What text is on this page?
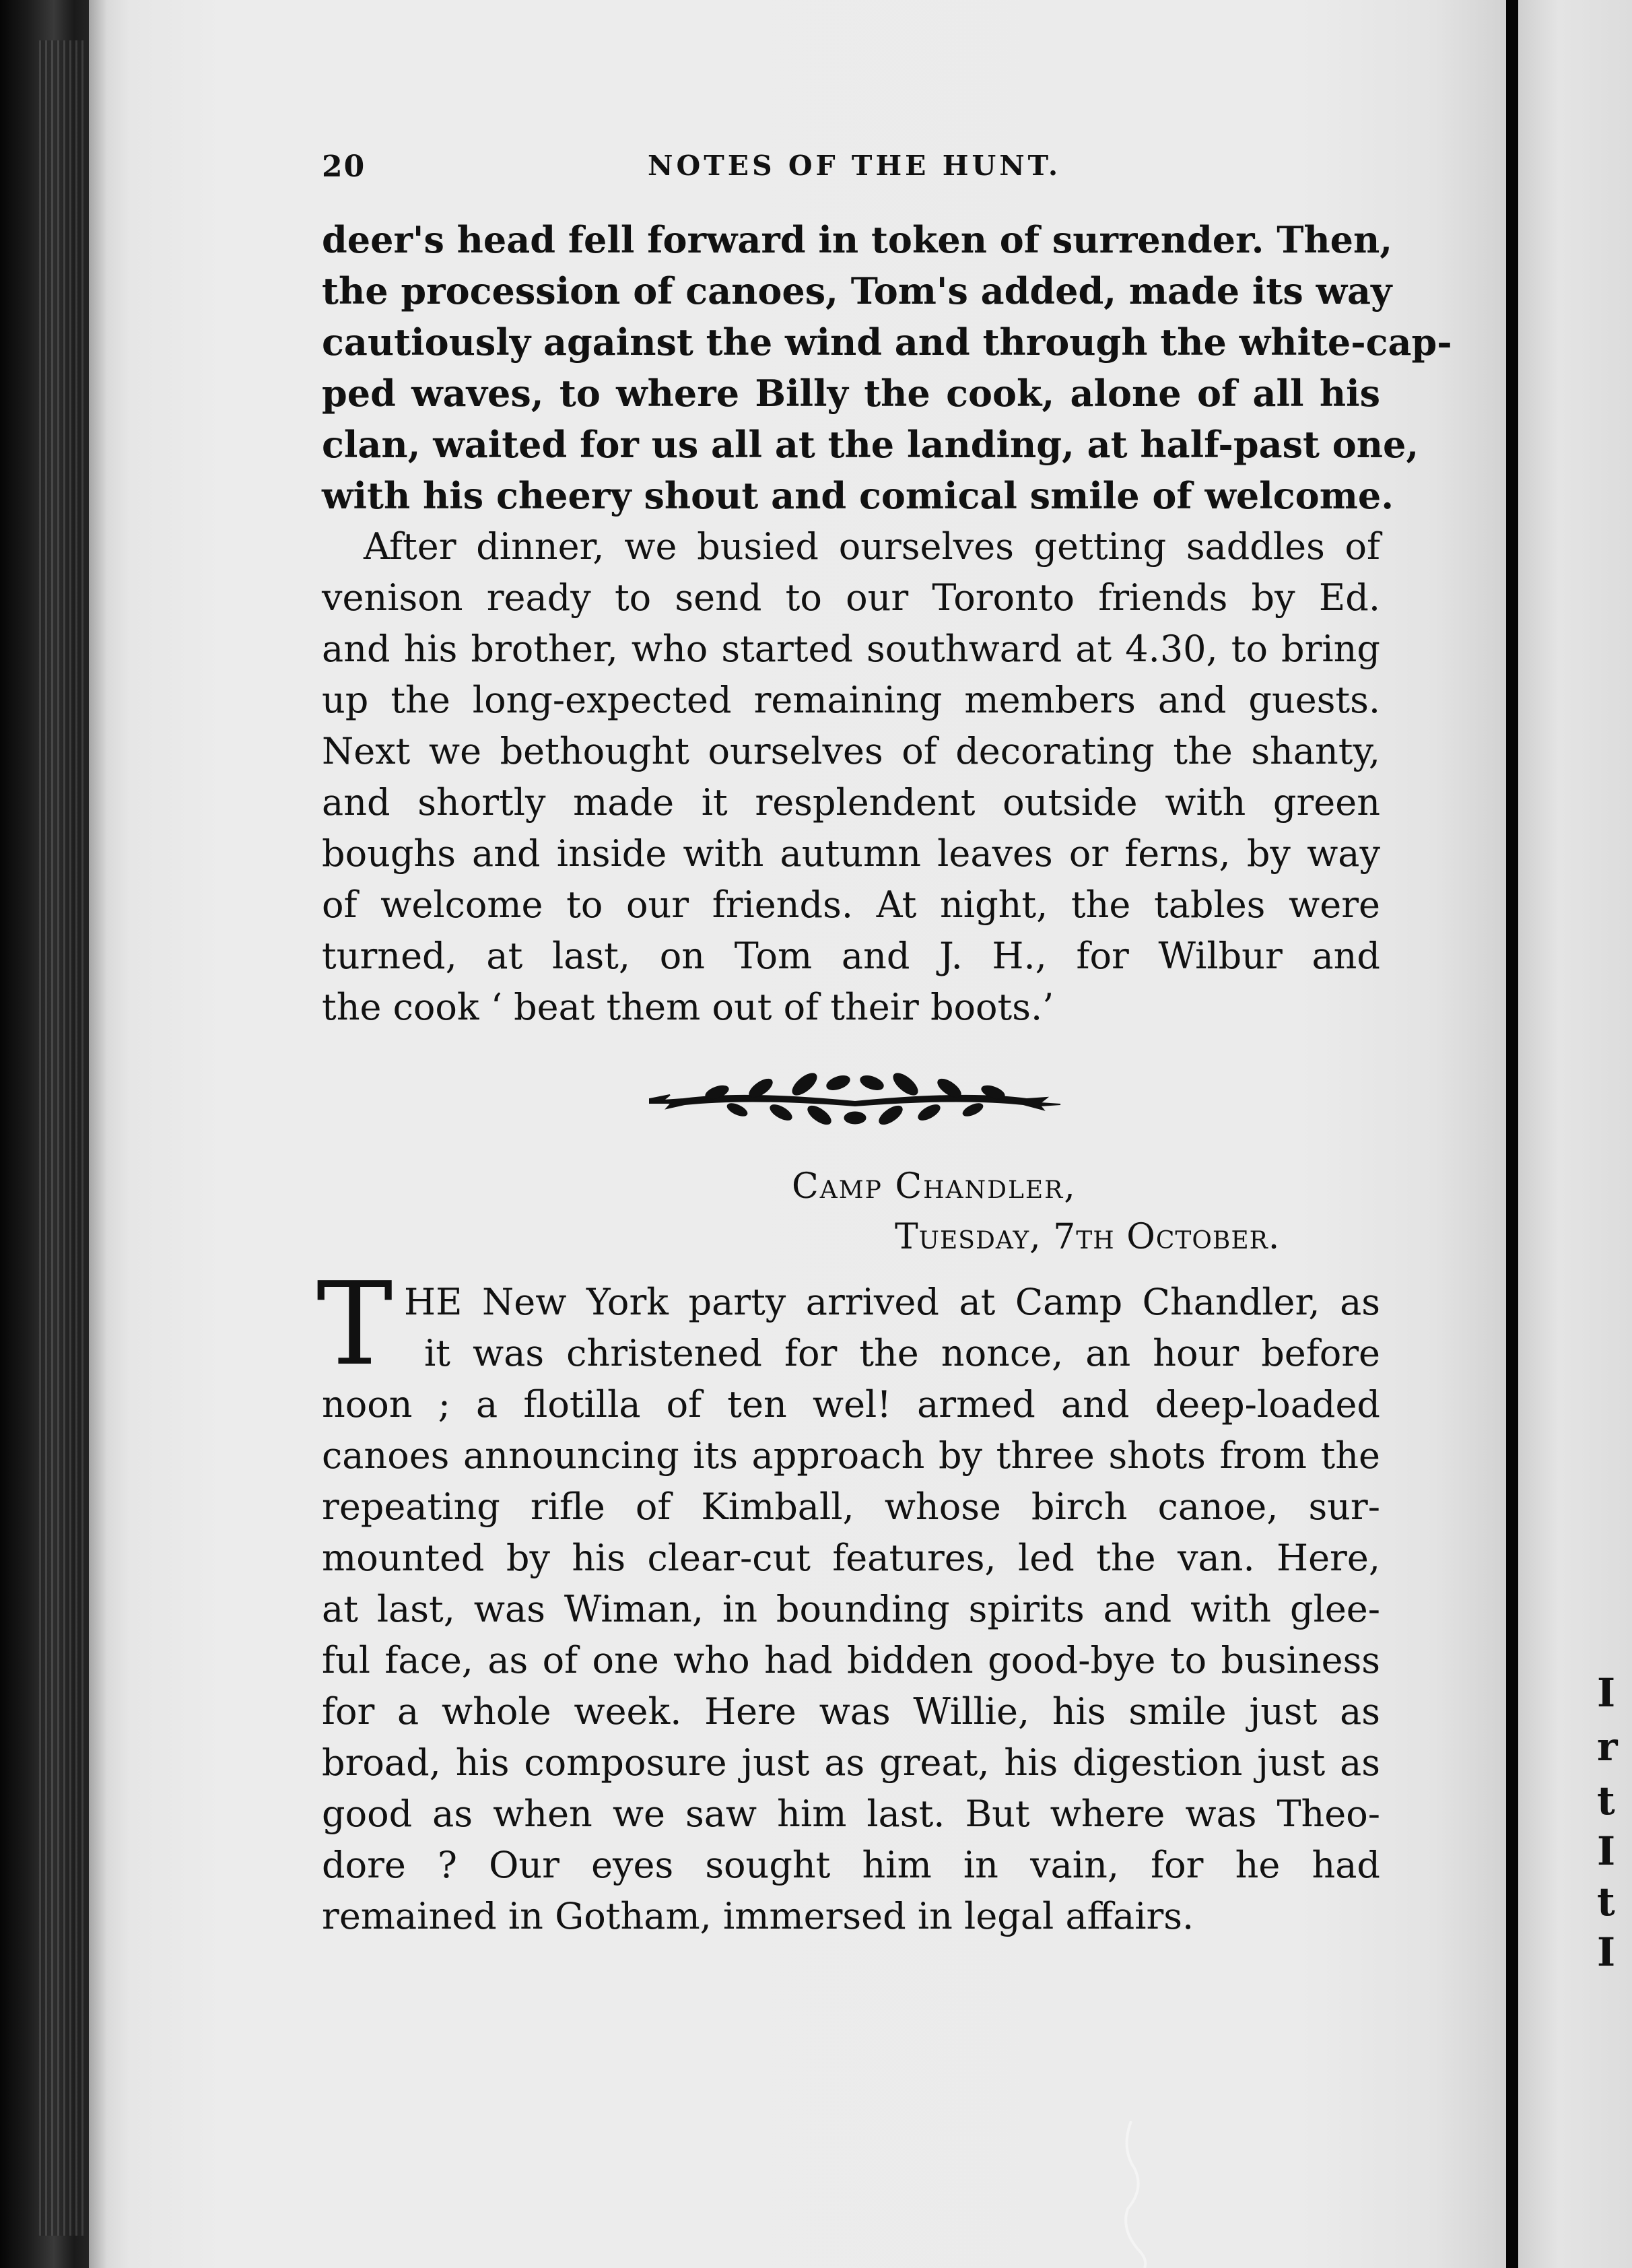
I
r
t
I
t
I
20	NOTES OF THE HUNT.
deer's head fell forward in token of surrender. Then,
the procession of canoes, Tom's added, made its way
cautiously against the wind and through the white-cap-
ped waves, to where Billy the cook, alone of all his
clan, waited for us all at the landing, at half-past one,
with his cheery shout and comical smile of welcome.
After dinner, we busied ourselves getting saddles of
venison ready to send to our Toronto friends by Ed.
and his brother, who started southward at 4.30, to bring
up the long-expected remaining members and guests.
Next we bethought ourselves of decorating the shanty,
and shortly made it resplendent outside with green
boughs and inside with autumn leaves or ferns, by way
of welcome to our friends. At night, the tables were
turned, at last, on Tom and J. H., for Wilbur and
the cook ‘ beat them out of their boots.’
Camp Chandler,
Tuesday, 7th October.
T HE New York party arrived at Camp Chandler, as
it was christened for the nonce, an hour before
noon ; a flotilla of ten wel! armed and deep-loaded
canoes announcing its approach by three shots from the
repeating rifle of Kimball, whose birch canoe, sur-
mounted by his clear-cut features, led the van. Here,
at last, was Wiman, in bounding spirits and with glee-
ful face, as of one who had bidden good-bye to business
for a whole week. Here was Willie, his smile just as
broad, his composure just as great, his digestion just as
good as when we saw him last. But where was Theo-
dore ? Our eyes sought him in vain, for he had
remained in Gotham, immersed in legal affairs.
